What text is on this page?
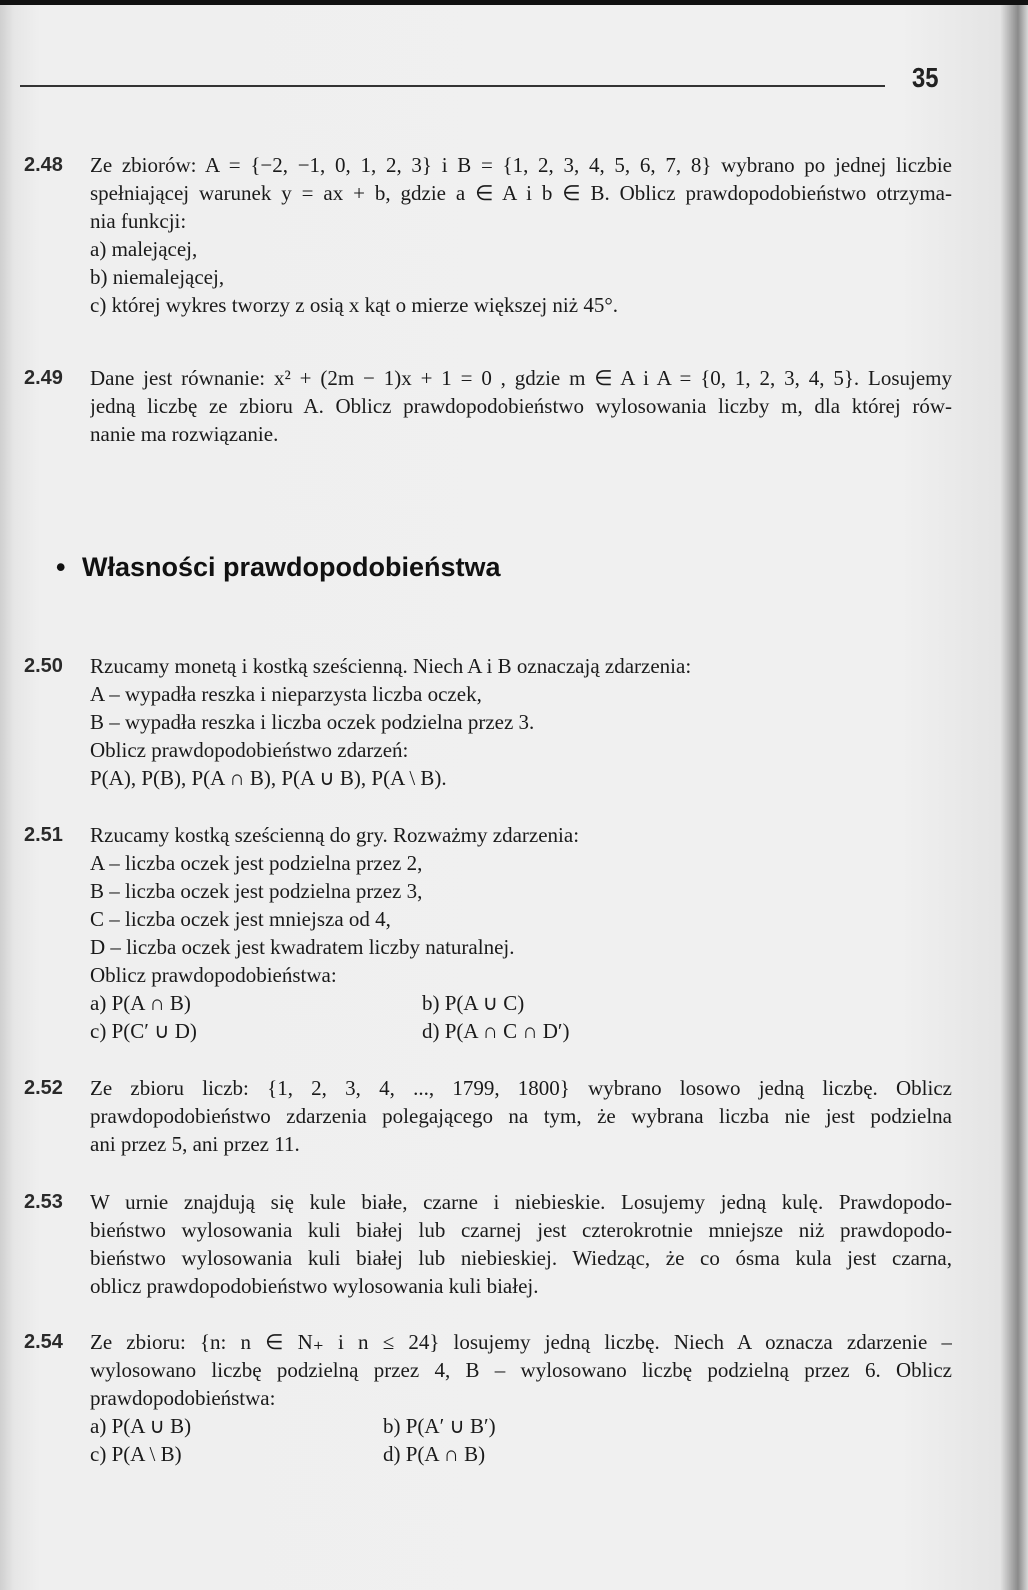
35
• Własności prawdopodobieństwa
2.48 Ze zbiorów: A = {−2, −1, 0, 1, 2, 3} i B = {1, 2, 3, 4, 5, 6, 7, 8} wybrano po jednej liczbie
spełniającej warunek y = ax + b, gdzie a ∈ A i b ∈ B. Oblicz prawdopodobieństwo otrzyma-
nia funkcji:
a) malejącej,
b) niemalejącej,
c) której wykres tworzy z osią x kąt o mierze większej niż 45°.
2.49 Dane jest równanie: x² + (2m − 1)x + 1 = 0 , gdzie m ∈ A i A = {0, 1, 2, 3, 4, 5}. Losujemy
jedną liczbę ze zbioru A. Oblicz prawdopodobieństwo wylosowania liczby m, dla której rów-
nanie ma rozwiązanie.
2.50 Rzucamy monetą i kostką sześcienną. Niech A i B oznaczają zdarzenia:
A – wypadła reszka i nieparzysta liczba oczek,
B – wypadła reszka i liczba oczek podzielna przez 3.
Oblicz prawdopodobieństwo zdarzeń:
P(A), P(B), P(A ∩ B), P(A ∪ B), P(A \ B).
2.51 Rzucamy kostką sześcienną do gry. Rozważmy zdarzenia:
A – liczba oczek jest podzielna przez 2,
B – liczba oczek jest podzielna przez 3,
C – liczba oczek jest mniejsza od 4,
D – liczba oczek jest kwadratem liczby naturalnej.
Oblicz prawdopodobieństwa:
a) P(A ∩ B)	b) P(A ∪ C)
c) P(C′ ∪ D)	d) P(A ∩ C ∩ D′)
2.52 Ze zbioru liczb: {1, 2, 3, 4, ..., 1799, 1800} wybrano losowo jedną liczbę. Oblicz
prawdopodobieństwo zdarzenia polegającego na tym, że wybrana liczba nie jest podzielna
ani przez 5, ani przez 11.
2.53 W urnie znajdują się kule białe, czarne i niebieskie. Losujemy jedną kulę. Prawdopodo-
bieństwo wylosowania kuli białej lub czarnej jest czterokrotnie mniejsze niż prawdopodo-
bieństwo wylosowania kuli białej lub niebieskiej. Wiedząc, że co ósma kula jest czarna,
oblicz prawdopodobieństwo wylosowania kuli białej.
2.54 Ze zbioru: {n: n ∈ N₊ i n ≤ 24} losujemy jedną liczbę. Niech A oznacza zdarzenie –
wylosowano liczbę podzielną przez 4, B – wylosowano liczbę podzielną przez 6. Oblicz
prawdopodobieństwa:
a) P(A ∪ B)	b) P(A′ ∪ B′)
c) P(A \ B)	d) P(A ∩ B)
